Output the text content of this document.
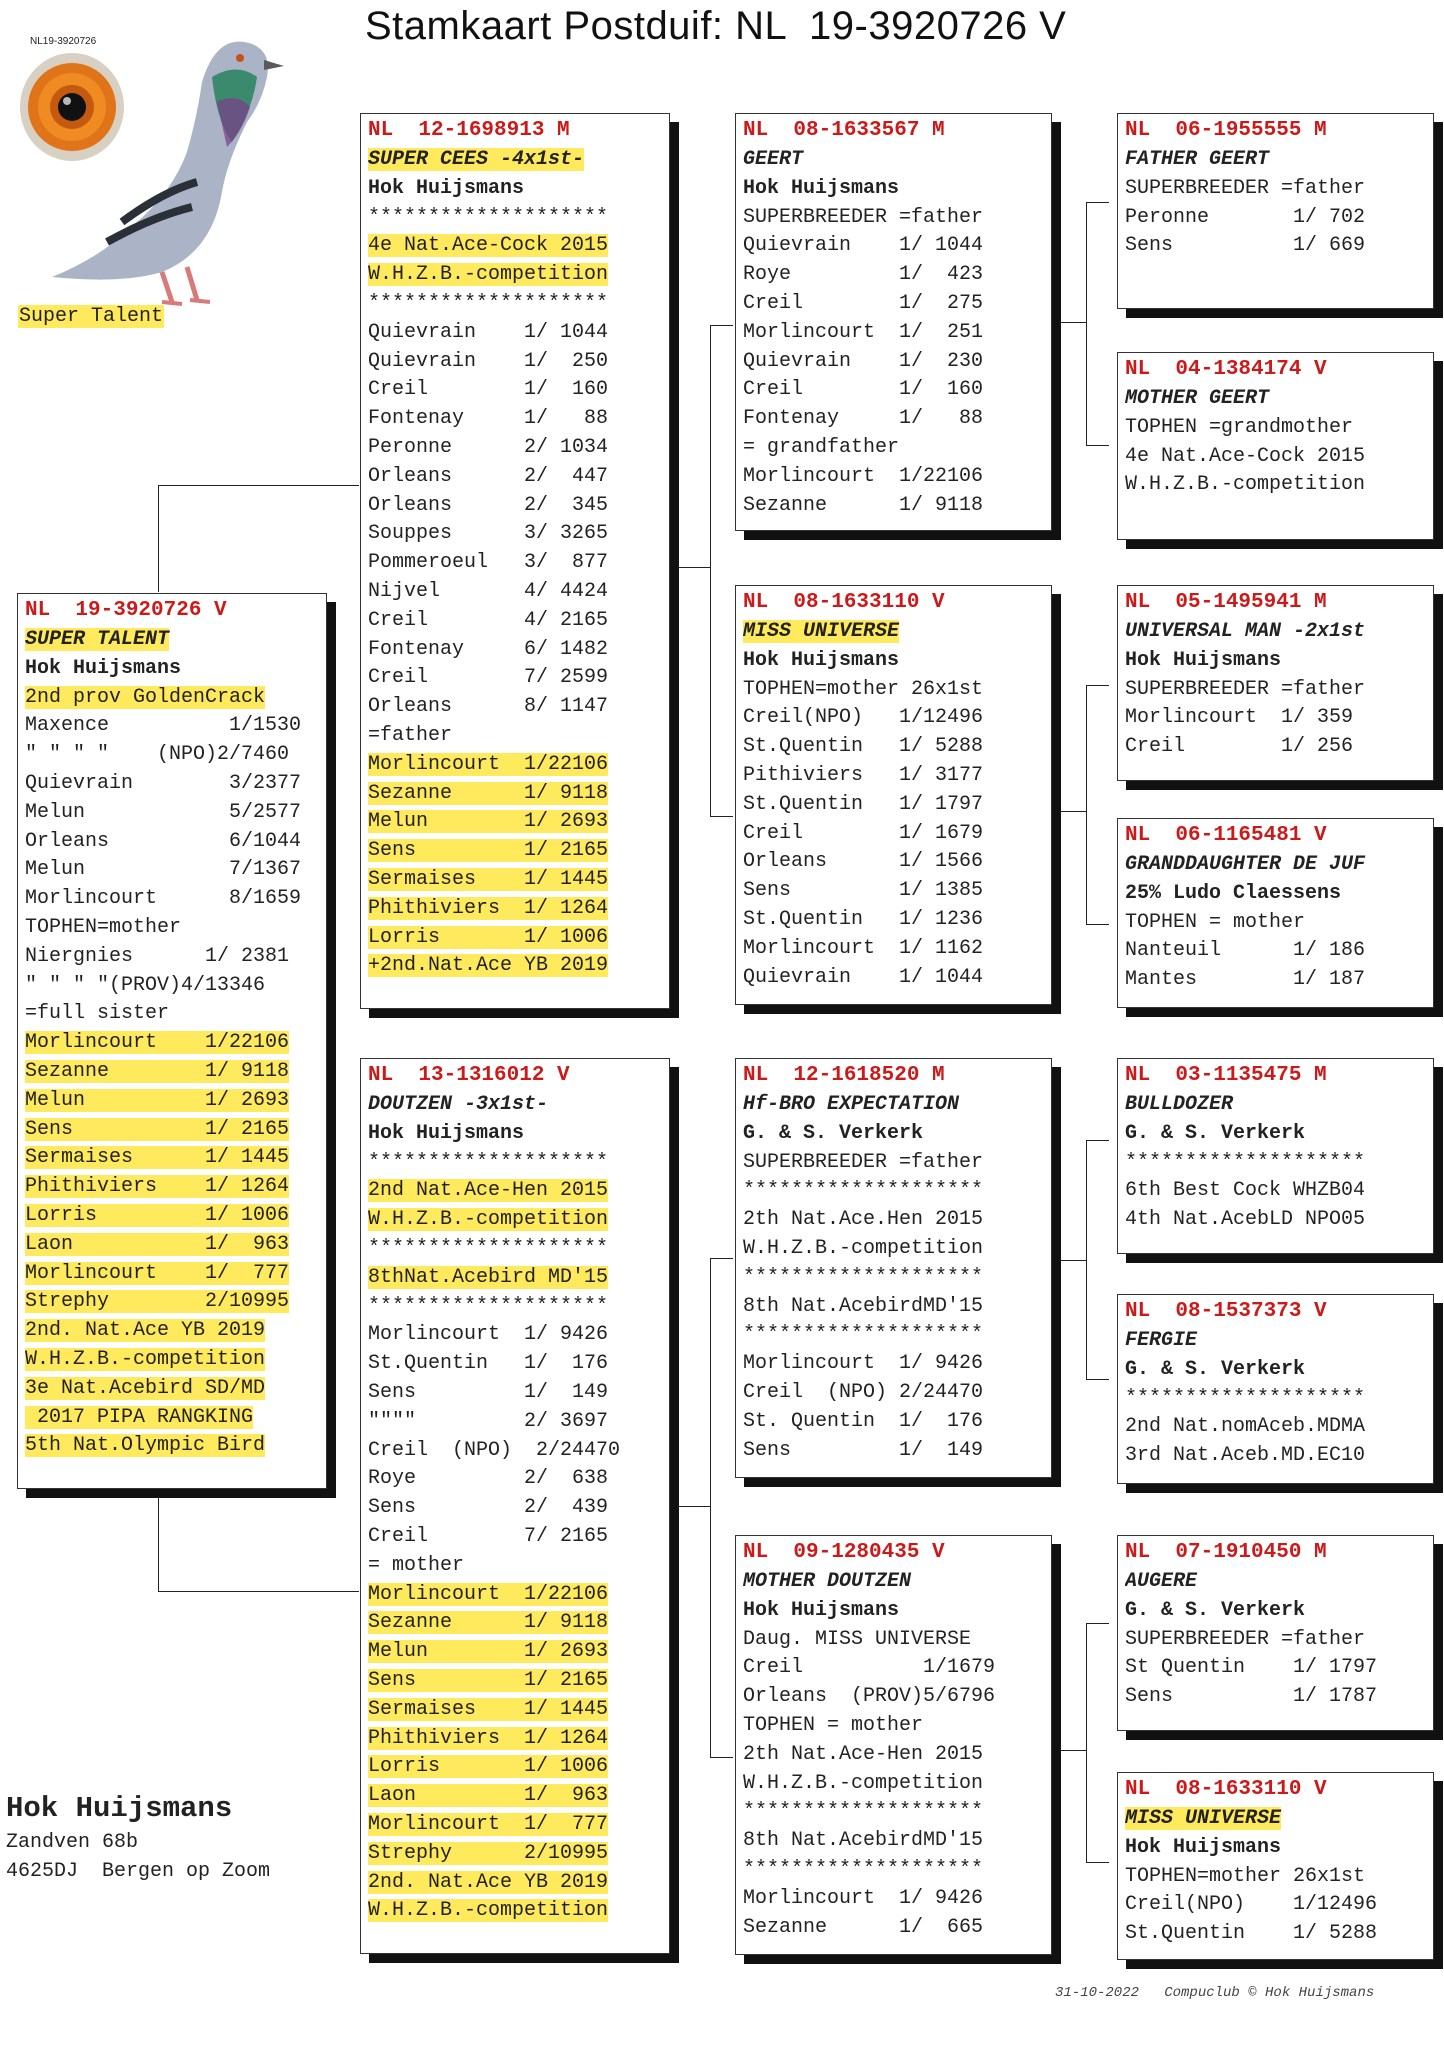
Stamkaart Postduif: NL  19-3920726 V
NL19-3920726
Super Talent
NL  19-3920726 V
SUPER TALENT
Hok Huijsmans
2nd prov GoldenCrack
Maxence          1/1530
" " " "    (NPO)2/7460
Quievrain        3/2377
Melun            5/2577
Orleans          6/1044
Melun            7/1367
Morlincourt      8/1659
TOPHEN=mother
Niergnies      1/ 2381
" " " "(PROV)4/13346
=full sister
Morlincourt    1/22106
Sezanne        1/ 9118
Melun          1/ 2693
Sens           1/ 2165
Sermaises      1/ 1445
Phithiviers    1/ 1264
Lorris         1/ 1006
Laon           1/  963
Morlincourt    1/  777
Strephy        2/10995
2nd. Nat.Ace YB 2019
W.H.Z.B.-competition
3e Nat.Acebird SD/MD
2017 PIPA RANGKING
5th Nat.Olympic Bird
NL  12-1698913 M
SUPER CEES -4x1st-
Hok Huijsmans
********************
4e Nat.Ace-Cock 2015
W.H.Z.B.-competition
********************
Quievrain    1/ 1044
Quievrain    1/  250
Creil        1/  160
Fontenay     1/   88
Peronne      2/ 1034
Orleans      2/  447
Orleans      2/  345
Souppes      3/ 3265
Pommeroeul   3/  877
Nijvel       4/ 4424
Creil        4/ 2165
Fontenay     6/ 1482
Creil        7/ 2599
Orleans      8/ 1147
=father
Morlincourt  1/22106
Sezanne      1/ 9118
Melun        1/ 2693
Sens         1/ 2165
Sermaises    1/ 1445
Phithiviers  1/ 1264
Lorris       1/ 1006
+2nd.Nat.Ace YB 2019
NL  13-1316012 V
DOUTZEN -3x1st-
Hok Huijsmans
********************
2nd Nat.Ace-Hen 2015
W.H.Z.B.-competition
********************
8thNat.Acebird MD'15
********************
Morlincourt  1/ 9426
St.Quentin   1/  176
Sens         1/  149
""""         2/ 3697
Creil  (NPO)  2/24470
Roye         2/  638
Sens         2/  439
Creil        7/ 2165
= mother
Morlincourt  1/22106
Sezanne      1/ 9118
Melun        1/ 2693
Sens         1/ 2165
Sermaises    1/ 1445
Phithiviers  1/ 1264
Lorris       1/ 1006
Laon         1/  963
Morlincourt  1/  777
Strephy      2/10995
2nd. Nat.Ace YB 2019
W.H.Z.B.-competition
NL  08-1633567 M
GEERT
Hok Huijsmans
SUPERBREEDER =father
Quievrain    1/ 1044
Roye         1/  423
Creil        1/  275
Morlincourt  1/  251
Quievrain    1/  230
Creil        1/  160
Fontenay     1/   88
= grandfather
Morlincourt  1/22106
Sezanne      1/ 9118
NL  08-1633110 V
MISS UNIVERSE
Hok Huijsmans
TOPHEN=mother 26x1st
Creil(NPO)   1/12496
St.Quentin   1/ 5288
Pithiviers   1/ 3177
St.Quentin   1/ 1797
Creil        1/ 1679
Orleans      1/ 1566
Sens         1/ 1385
St.Quentin   1/ 1236
Morlincourt  1/ 1162
Quievrain    1/ 1044
NL  12-1618520 M
Hf-BRO EXPECTATION
G. & S. Verkerk
SUPERBREEDER =father
********************
2th Nat.Ace.Hen 2015
W.H.Z.B.-competition
********************
8th Nat.AcebirdMD'15
********************
Morlincourt  1/ 9426
Creil  (NPO) 2/24470
St. Quentin  1/  176
Sens         1/  149
NL  09-1280435 V
MOTHER DOUTZEN
Hok Huijsmans
Daug. MISS UNIVERSE
Creil          1/1679
Orleans  (PROV)5/6796
TOPHEN = mother
2th Nat.Ace-Hen 2015
W.H.Z.B.-competition
********************
8th Nat.AcebirdMD'15
********************
Morlincourt  1/ 9426
Sezanne      1/  665
NL  06-1955555 M
FATHER GEERT
SUPERBREEDER =father
Peronne       1/ 702
Sens          1/ 669
NL  04-1384174 V
MOTHER GEERT
TOPHEN =grandmother
4e Nat.Ace-Cock 2015
W.H.Z.B.-competition
NL  05-1495941 M
UNIVERSAL MAN -2x1st
Hok Huijsmans
SUPERBREEDER =father
Morlincourt  1/ 359
Creil        1/ 256
NL  06-1165481 V
GRANDDAUGHTER DE JUF
25% Ludo Claessens
TOPHEN = mother
Nanteuil      1/ 186
Mantes        1/ 187
NL  03-1135475 M
BULLDOZER
G. & S. Verkerk
********************
6th Best Cock WHZB04
4th Nat.AcebLD NPO05
NL  08-1537373 V
FERGIE
G. & S. Verkerk
********************
2nd Nat.nomAceb.MDMA
3rd Nat.Aceb.MD.EC10
NL  07-1910450 M
AUGERE
G. & S. Verkerk
SUPERBREEDER =father
St Quentin    1/ 1797
Sens          1/ 1787
NL  08-1633110 V
MISS UNIVERSE
Hok Huijsmans
TOPHEN=mother 26x1st
Creil(NPO)    1/12496
St.Quentin    1/ 5288
Hok Huijsmans
Zandven 68b
4625DJ  Bergen op Zoom
31-10-2022   Compuclub © Hok Huijsmans
